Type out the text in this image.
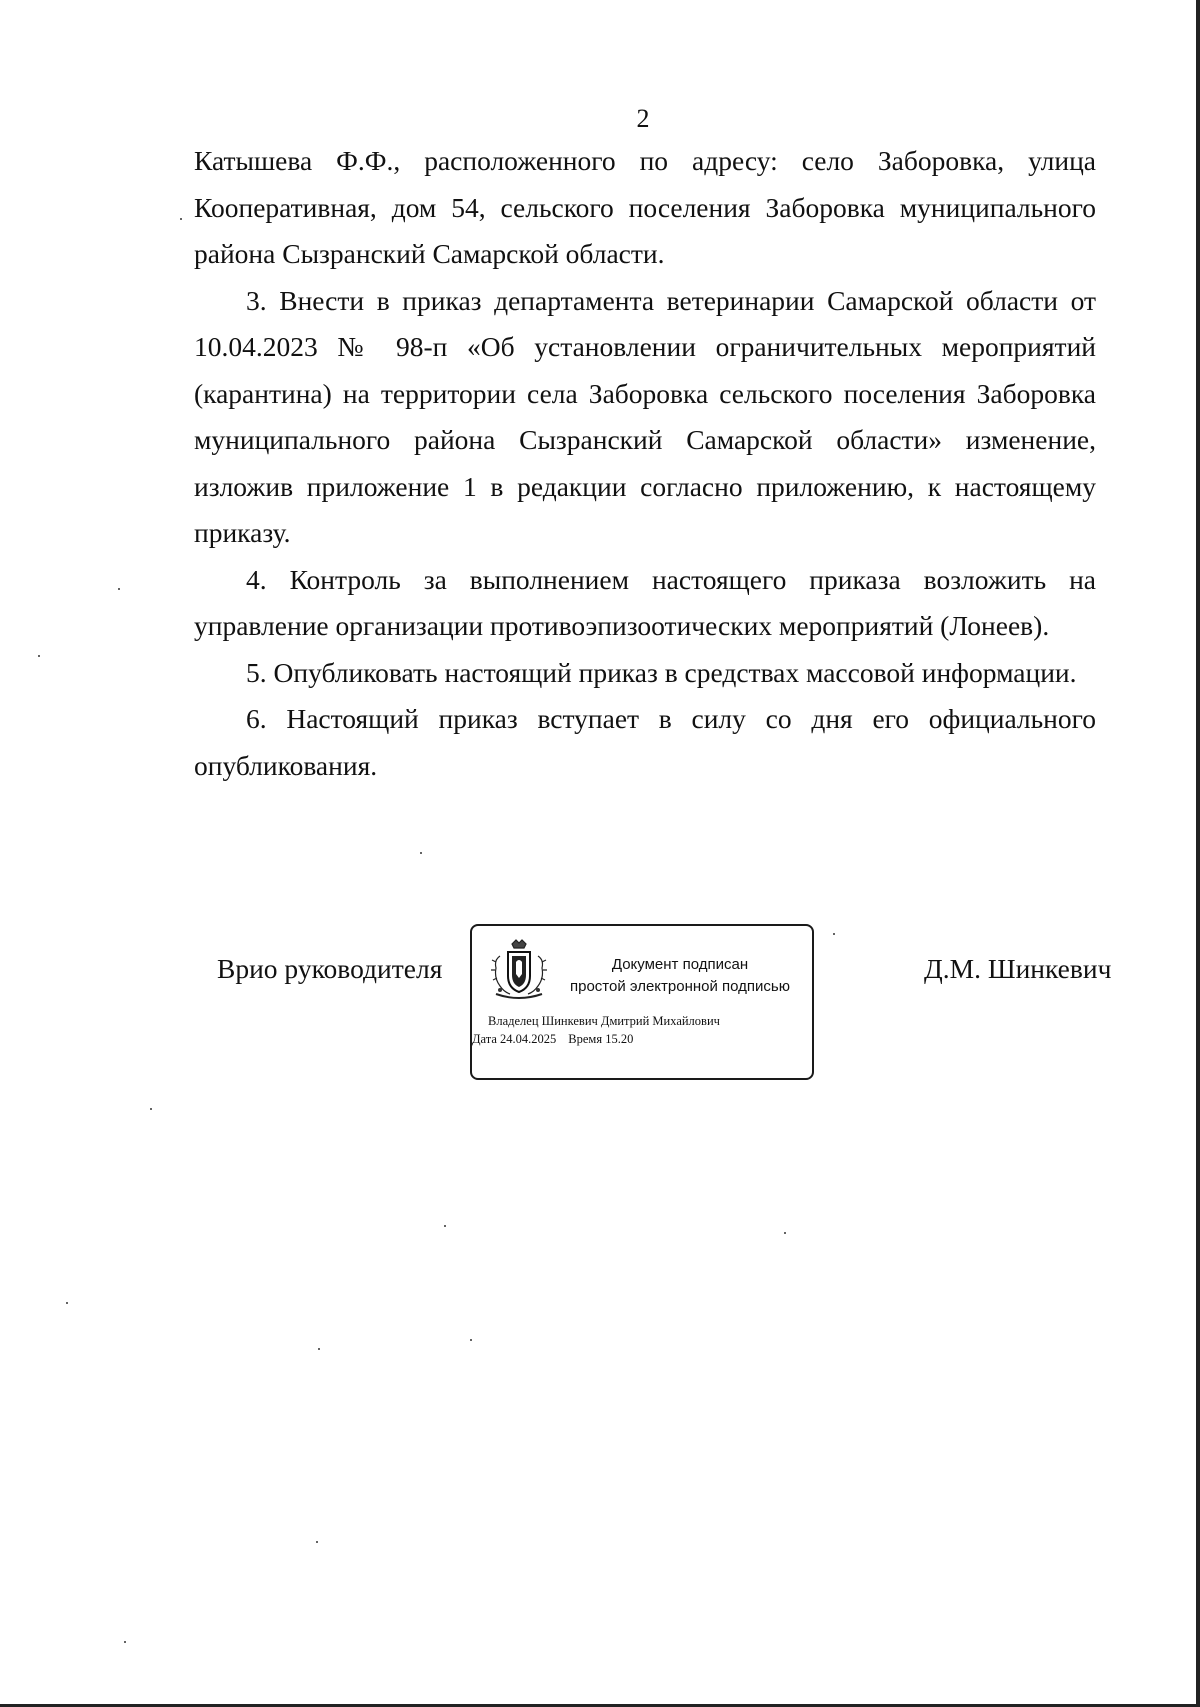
2

Катышева Ф.Ф., расположенного по адресу: село Заборовка, улица Кооперативная, дом 54, сельского поселения Заборовка муниципального района Сызранский Самарской области.

3. Внести в приказ департамента ветеринарии Самарской области от 10.04.2023 № 98-п «Об установлении ограничительных мероприятий (карантина) на территории села Заборовка сельского поселения Заборовка муниципального района Сызранский Самарской области» изменение, изложив приложение 1 в редакции согласно приложению, к настоящему приказу.

4. Контроль за выполнением настоящего приказа возложить на управление организации противоэпизоотических мероприятий (Лонеев).

5. Опубликовать настоящий приказ в средствах массовой информации.

6. Настоящий приказ вступает в силу со дня его официального опубликования.

Врио руководителя	Документ подписан
простой электронной подписью
Владелец Шинкевич Дмитрий Михайлович
Дата 24.04.2025 Время 15.20
Д.М. Шинкевич
